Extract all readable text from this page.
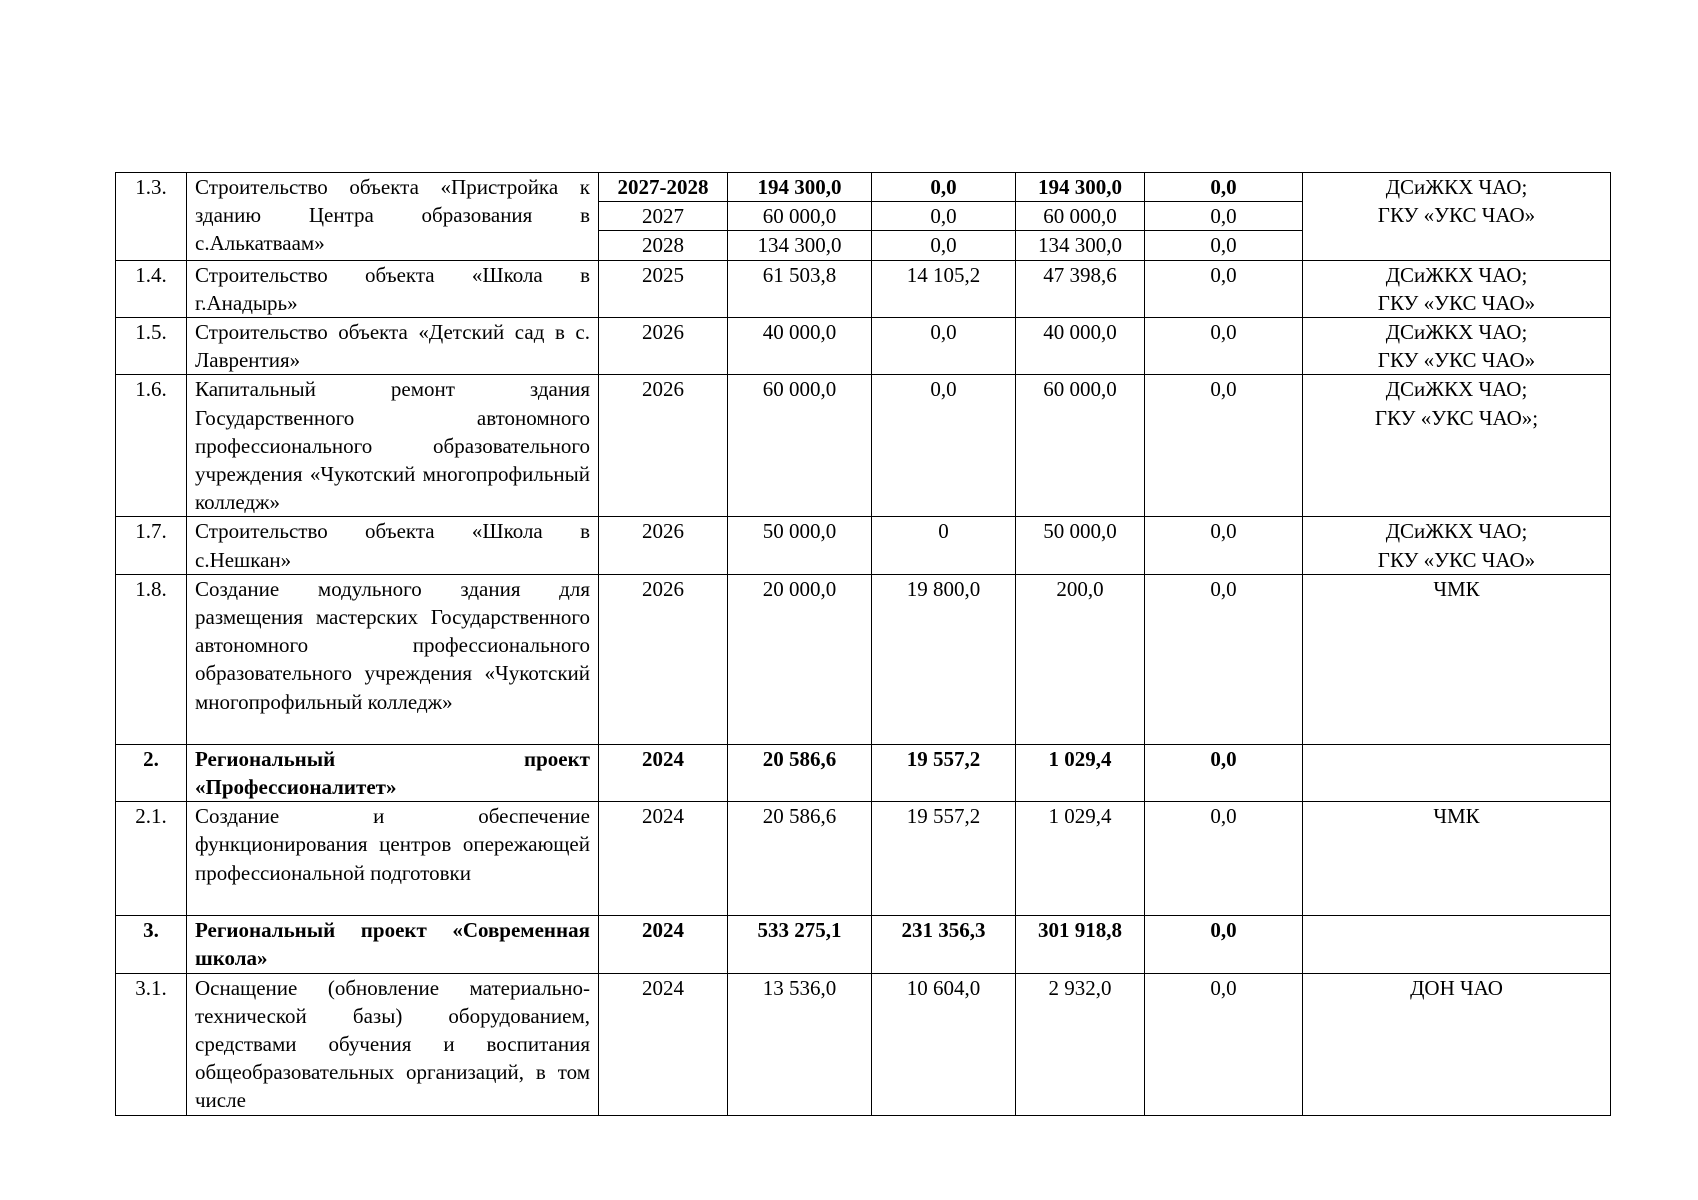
1.3.	Строительство объекта «Пристройка к зданию Центра образования в с.Алькатваам»	2027-2028	194 300,0	0,0	194 300,0	0,0	ДСиЖКХ ЧАО;
ГКУ «УКС ЧАО»

		2027	60 000,0	0,0	60 000,0	0,0	
		2028	134 300,0	0,0	134 300,0	0,0	
1.4.	Строительство объекта «Школа в г.Анадырь»	2025	61 503,8	14 105,2	47 398,6	0,0	ДСиЖКХ ЧАО;
ГКУ «УКС ЧАО»

1.5.	Строительство объекта «Детский сад в с. Лаврентия»	2026	40 000,0	0,0	40 000,0	0,0	ДСиЖКХ ЧАО;
ГКУ «УКС ЧАО»

1.6.	Капитальный ремонт здания Государственного автономного профессионального образовательного учреждения «Чукотский многопрофильный колледж»	2026	60 000,0	0,0	60 000,0	0,0	ДСиЖКХ ЧАО;
ГКУ «УКС ЧАО»;

1.7.	Строительство объекта «Школа в с.Нешкан»	2026	50 000,0	0	50 000,0	0,0	ДСиЖКХ ЧАО;
ГКУ «УКС ЧАО»

1.8.	Создание модульного здания для размещения мастерских Государственного автономного профессионального образовательного учреждения «Чукотский многопрофильный колледж»	2026	20 000,0	19 800,0	200,0	0,0	ЧМК

2.	Региональный проект «Профессионалитет»	2024	20 586,6	19 557,2	1 029,4	0,0	

2.1.	Создание и обеспечение функционирования центров опережающей профессиональной подготовки	2024	20 586,6	19 557,2	1 029,4	0,0	ЧМК

3.	Региональный проект «Современная школа»	2024	533 275,1	231 356,3	301 918,8	0,0	

3.1.	Оснащение (обновление материально-технической базы) оборудованием, средствами обучения и воспитания общеобразовательных организаций, в том числе	2024	13 536,0	10 604,0	2 932,0	0,0	ДОН ЧАО
